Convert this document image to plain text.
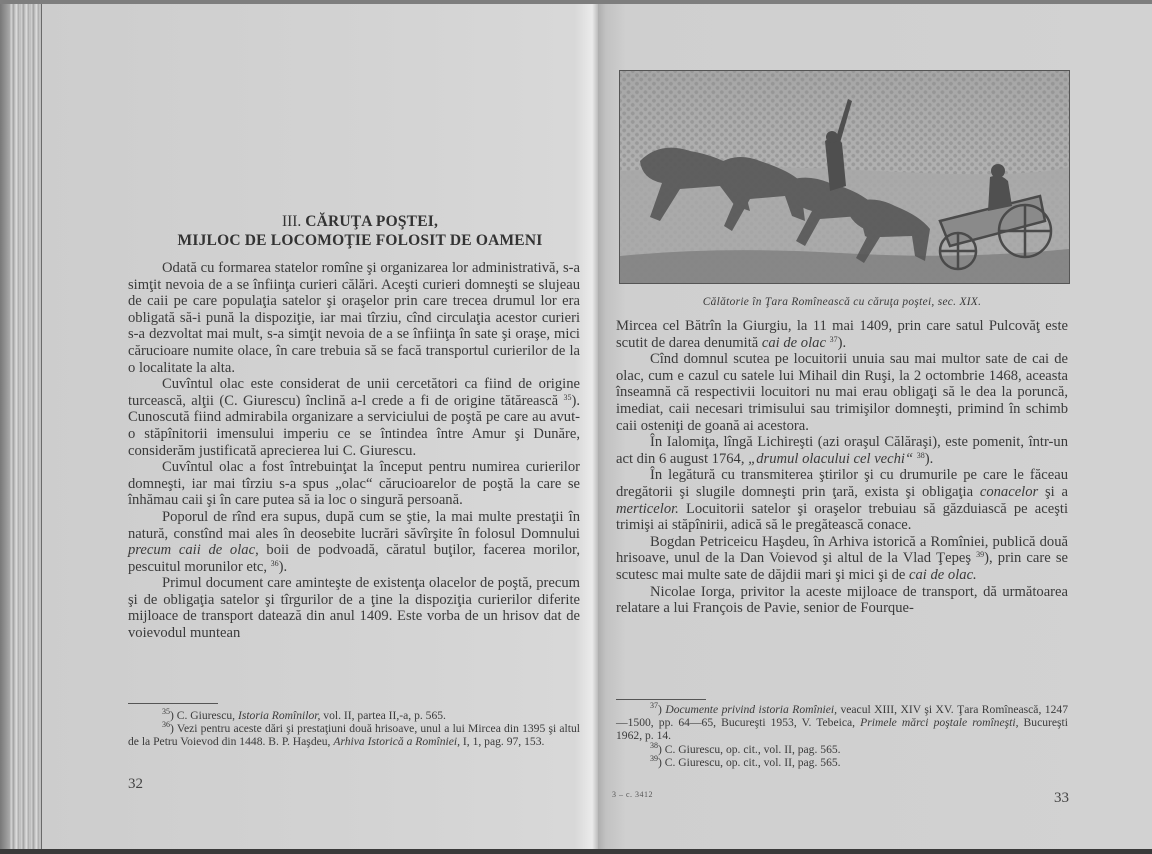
III. CĂRUŢA POŞTEI,
MIJLOC DE LOCOMOŢIE FOLOSIT DE OAMENI

Odată cu formarea statelor romîne şi organizarea lor administrativă, s-a simţit nevoia de a se înfiinţa curieri călări. Aceşti curieri domneşti se slujeau de caii pe care populaţia satelor şi oraşelor prin care trecea drumul lor era obligată să-i pună la dispoziţie, iar mai tîrziu, cînd circulaţia acestor curieri s-a dezvoltat mai mult, s-a simţit nevoia de a se înfiinţa în sate şi oraşe, mici cărucioare numite olace, în care trebuia să se facă transportul curierilor de la o localitate la alta.

Cuvîntul olac este considerat de unii cercetători ca fiind de origine turcească, alţii (C. Giurescu) înclină a-l crede a fi de origine tătărească $^{35}$). Cunoscută fiind admirabila organizare a serviciului de poştă pe care au avut-o stăpînitorii imensului imperiu ce se întindea între Amur şi Dunăre, considerăm justificată aprecierea lui C. Giurescu.

Cuvîntul olac a fost întrebuinţat la început pentru numirea curierilor domneşti, iar mai tîrziu s-a spus „olac“ cărucioarelor de poştă la care se înhămau caii şi în care putea să ia loc o singură persoană.

Poporul de rînd era supus, după cum se ştie, la mai multe prestaţii în natură, constînd mai ales în deosebite lucrări săvîrşite în folosul Domnului precum caii de olac, boii de podvoadă, căratul buţilor, facerea morilor, pescuitul morunilor etc, $^{36}$).

Primul document care aminteşte de existenţa olacelor de poştă, precum şi de obligaţia satelor şi tîrgurilor de a ţine la dispoziţia curierilor diferite mijloace de transport datează din anul 1409. Este vorba de un hrisov dat de voievodul muntean

$^{35}$) C. Giurescu, Istoria Romînilor, vol. II, partea II,-a, p. 565.

$^{36}$) Vezi pentru aceste dări şi prestaţiuni două hrisoave, unul a lui Mircea din 1395 şi altul de la Petru Voievod din 1448. B. P. Haşdeu, Arhiva Istorică a Romîniei, I, 1, pag. 97, 153.

32
Călătorie în Ţara Romînească cu căruţa poştei, sec. XIX.

Mircea cel Bătrîn la Giurgiu, la 11 mai 1409, prin care satul Pulcovăţ este scutit de darea denumită cai de olac $^{37}$).

Cînd domnul scutea pe locuitorii unuia sau mai multor sate de cai de olac, cum e cazul cu satele lui Mihail din Ruşi, la 2 octombrie 1468, aceasta înseamnă că respectivii locuitori nu mai erau obligaţi să le dea la poruncă, imediat, caii necesari trimisului sau trimişilor domneşti, primind în schimb caii osteniţi de goană ai acestora.

În Ialomiţa, lîngă Lichireşti (azi oraşul Călăraşi), este pomenit, într-un act din 6 august 1764, „drumul olacului cel vechi“ $^{38}$).

În legătură cu transmiterea ştirilor şi cu drumurile pe care le făceau dregătorii şi slugile domneşti prin ţară, exista şi obligaţia conacelor şi a merticelor. Locuitorii satelor şi oraşelor trebuiau să găzduiască pe aceşti trimişi ai stăpînirii, adică să le pregătească conace.

Bogdan Petriceicu Haşdeu, în Arhiva istorică a Romîniei, publică două hrisoave, unul de la Dan Voievod şi altul de la Vlad Ţepeş $^{39}$), prin care se scutesc mai multe sate de dăjdii mari şi mici şi de cai de olac.

Nicolae Iorga, privitor la aceste mijloace de transport, dă următoarea relatare a lui François de Pavie, senior de Fourque-

$^{37}$) Documente privind istoria Romîniei, veacul XIII, XIV şi XV. Ţara Romînească, 1247—1500, pp. 64—65, Bucureşti 1953, V. Tebeica, Primele mărci poştale romîneşti, Bucureşti 1962, p. 14.

$^{38}$) C. Giurescu, op. cit., vol. II, pag. 565.

$^{39}$) C. Giurescu, op. cit., vol. II, pag. 565.

3 – c. 3412	33
